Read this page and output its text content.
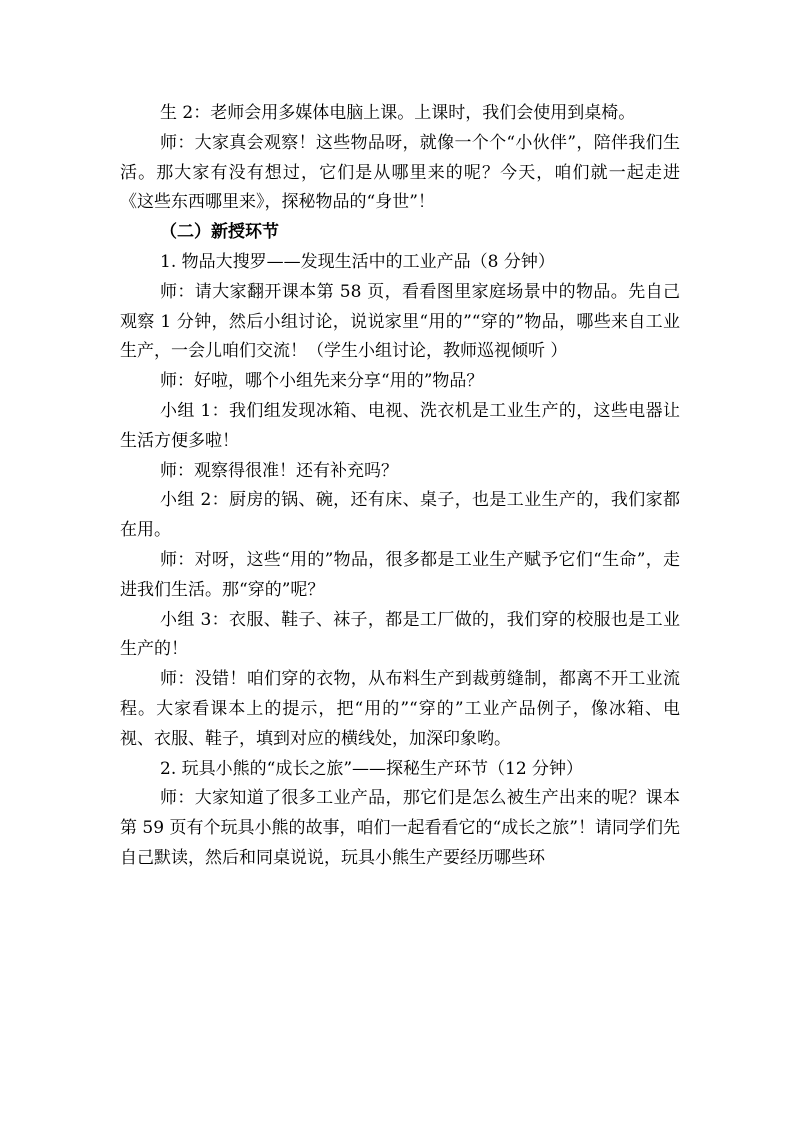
生 2：老师会用多媒体电脑上课。上课时，我们会使用到桌椅。

师：大家真会观察！这些物品呀，就像一个个“小伙伴”，陪伴我们生活。那大家有没有想过，它们是从哪里来的呢？今天，咱们就一起走进《这些东西哪里来》，探秘物品的“身世”！

（二）新授环节

1. 物品大搜罗——发现生活中的工业产品（8 分钟）

师：请大家翻开课本第 58 页，看看图里家庭场景中的物品。先自己观察 1 分钟，然后小组讨论，说说家里“用的”“穿的”物品，哪些来自工业生产，一会儿咱们交流！（学生小组讨论，教师巡视倾听 ）

师：好啦，哪个小组先来分享“用的”物品？

小组 1：我们组发现冰箱、电视、洗衣机是工业生产的，这些电器让生活方便多啦！

师：观察得很准！还有补充吗？

小组 2：厨房的锅、碗，还有床、桌子，也是工业生产的，我们家都在用。

师：对呀，这些“用的”物品，很多都是工业生产赋予它们“生命”，走进我们生活。那“穿的”呢？

小组 3：衣服、鞋子、袜子，都是工厂做的，我们穿的校服也是工业生产的！

师：没错！咱们穿的衣物，从布料生产到裁剪缝制，都离不开工业流程。大家看课本上的提示，把“用的”“穿的”工业产品例子，像冰箱、电视、衣服、鞋子，填到对应的横线处，加深印象哟。

2. 玩具小熊的“成长之旅”——探秘生产环节（12 分钟）

师：大家知道了很多工业产品，那它们是怎么被生产出来的呢？课本第 59 页有个玩具小熊的故事，咱们一起看看它的“成长之旅”！请同学们先自己默读，然后和同桌说说，玩具小熊生产要经历哪些环
